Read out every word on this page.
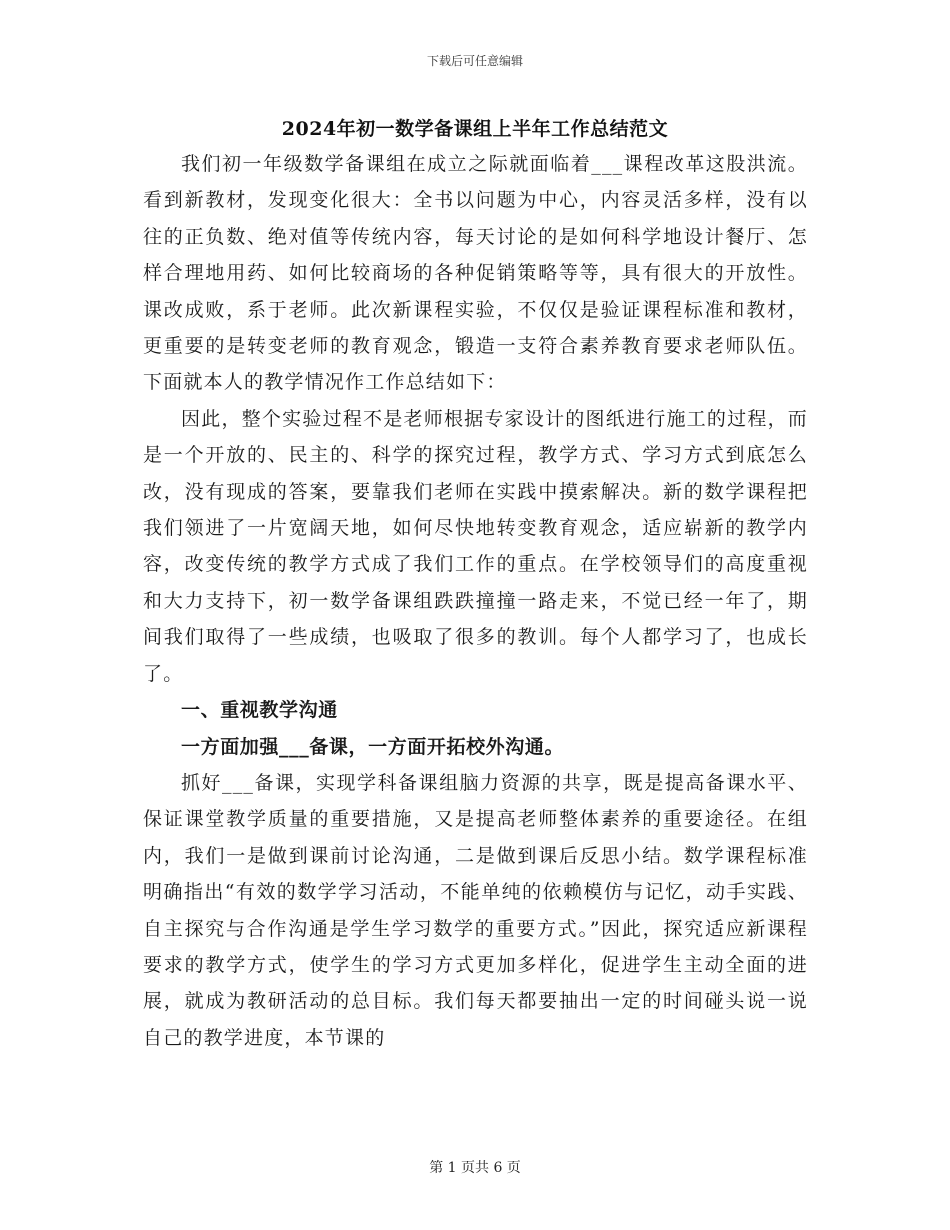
下载后可任意编辑
2024年初一数学备课组上半年工作总结范文

我们初一年级数学备课组在成立之际就面临着___课程改革这股洪流。看到新教材，发现变化很大：全书以问题为中心，内容灵活多样，没有以往的正负数、绝对值等传统内容，每天讨论的是如何科学地设计餐厅、怎样合理地用药、如何比较商场的各种促销策略等等，具有很大的开放性。课改成败，系于老师。此次新课程实验，不仅仅是验证课程标准和教材，更重要的是转变老师的教育观念，锻造一支符合素养教育要求老师队伍。下面就本人的教学情况作工作总结如下：

因此，整个实验过程不是老师根据专家设计的图纸进行施工的过程，而是一个开放的、民主的、科学的探究过程，教学方式、学习方式到底怎么改，没有现成的答案，要靠我们老师在实践中摸索解决。新的数学课程把我们领进了一片宽阔天地，如何尽快地转变教育观念，适应崭新的教学内容，改变传统的教学方式成了我们工作的重点。在学校领导们的高度重视和大力支持下，初一数学备课组跌跌撞撞一路走来，不觉已经一年了，期间我们取得了一些成绩，也吸取了很多的教训。每个人都学习了，也成长了。

一、重视教学沟通

一方面加强___备课，一方面开拓校外沟通。

抓好___备课，实现学科备课组脑力资源的共享，既是提高备课水平、保证课堂教学质量的重要措施，又是提高老师整体素养的重要途径。在组内，我们一是做到课前讨论沟通，二是做到课后反思小结。数学课程标准明确指出“有效的数学学习活动，不能单纯的依赖模仿与记忆，动手实践、自主探究与合作沟通是学生学习数学的重要方式。”因此，探究适应新课程要求的教学方式，使学生的学习方式更加多样化，促进学生主动全面的进展，就成为教研活动的总目标。我们每天都要抽出一定的时间碰头说一说自己的教学进度，本节课的

第 1 页共 6 页
